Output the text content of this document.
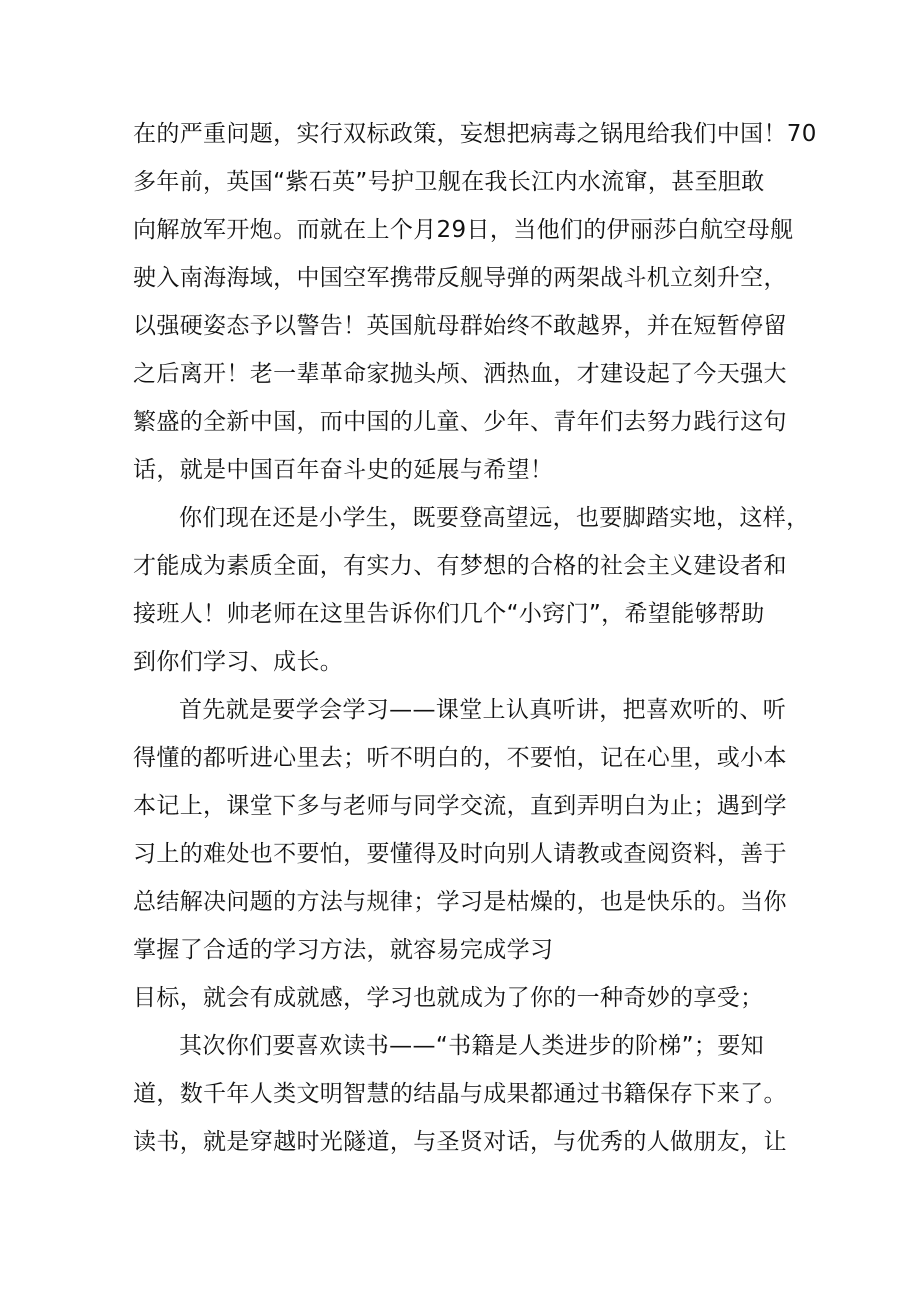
在的严重问题，实行双标政策，妄想把病毒之锅甩给我们中国！70
多年前，英国“紫石英”号护卫舰在我长江内水流窜，甚至胆敢
向解放军开炮。而就在上个月29日，当他们的伊丽莎白航空母舰
驶入南海海域，中国空军携带反舰导弹的两架战斗机立刻升空，
以强硬姿态予以警告！英国航母群始终不敢越界，并在短暂停留
之后离开！老一辈革命家抛头颅、洒热血，才建设起了今天强大
繁盛的全新中国，而中国的儿童、少年、青年们去努力践行这句
话，就是中国百年奋斗史的延展与希望！
你们现在还是小学生，既要登高望远，也要脚踏实地，这样，
才能成为素质全面，有实力、有梦想的合格的社会主义建设者和
接班人！帅老师在这里告诉你们几个“小窍门”，希望能够帮助
到你们学习、成长。
首先就是要学会学习——课堂上认真听讲，把喜欢听的、听
得懂的都听进心里去；听不明白的，不要怕，记在心里，或小本
本记上，课堂下多与老师与同学交流，直到弄明白为止；遇到学
习上的难处也不要怕，要懂得及时向别人请教或查阅资料，善于
总结解决问题的方法与规律；学习是枯燥的，也是快乐的。当你
掌握了合适的学习方法，就容易完成学习
目标，就会有成就感，学习也就成为了你的一种奇妙的享受；
其次你们要喜欢读书——“书籍是人类进步的阶梯”；要知
道，数千年人类文明智慧的结晶与成果都通过书籍保存下来了。
读书，就是穿越时光隧道，与圣贤对话，与优秀的人做朋友，让
